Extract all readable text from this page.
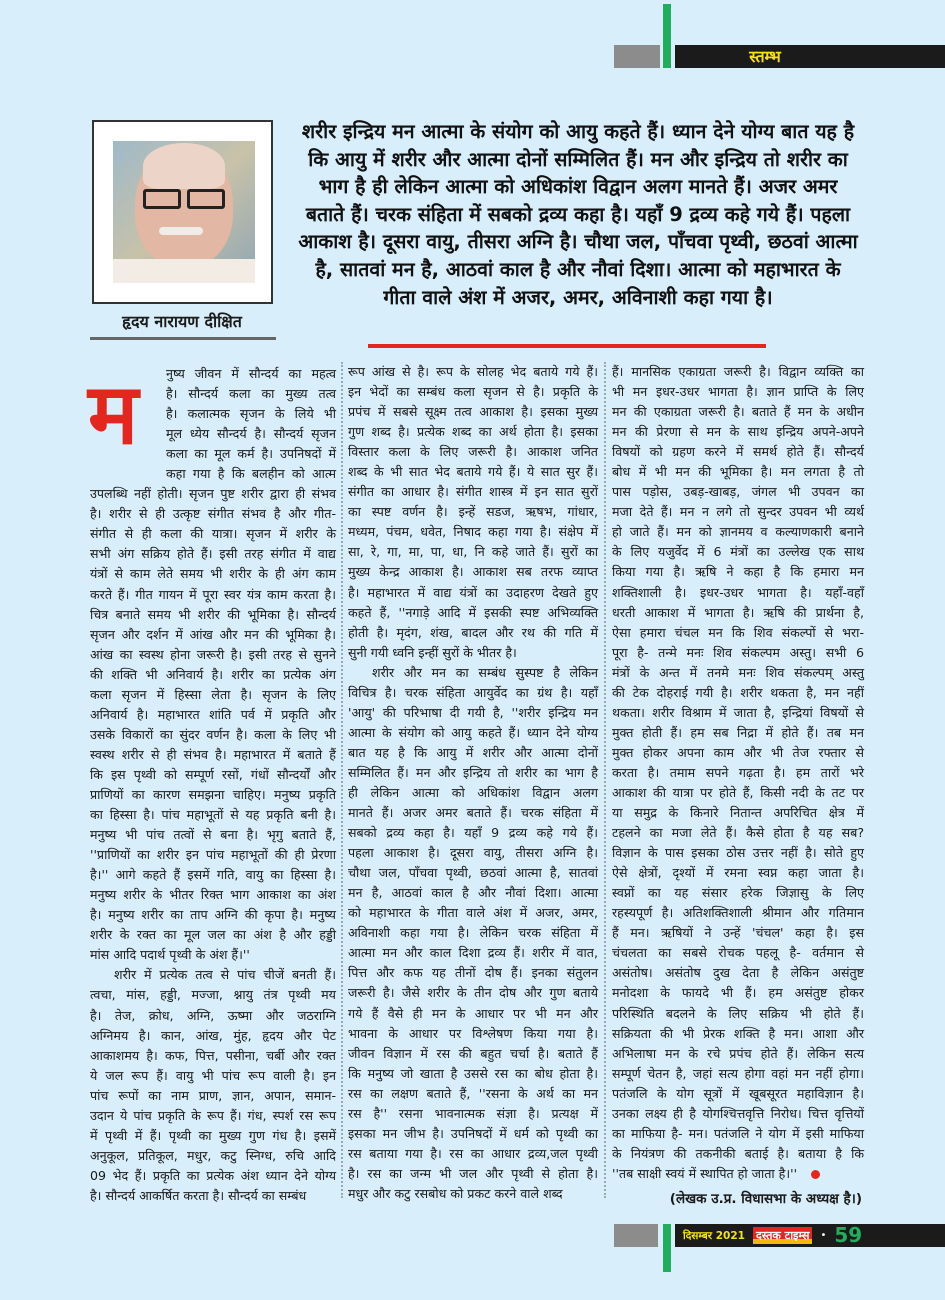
स्तम्भ
हृदय नारायण दीक्षित
शरीर इन्द्रिय मन आत्मा के संयोग को आयु कहते हैं। ध्यान देने योग्य बात यह है कि आयु में शरीर और आत्मा दोनों सम्मिलित हैं। मन और इन्द्रिय तो शरीर का भाग है ही लेकिन आत्मा को अधिकांश विद्वान अलग मानते हैं। अजर अमर बताते हैं। चरक संहिता में सबको द्रव्य कहा है। यहाँ 9 द्रव्य कहे गये हैं। पहला आकाश है। दूसरा वायु, तीसरा अग्नि है। चौथा जल, पाँचवा पृथ्वी, छठवां आत्मा है, सातवां मन है, आठवां काल है और नौवां दिशा। आत्मा को महाभारत के गीता वाले अंश में अजर, अमर, अविनाशी कहा गया है।
म	नुष्य जीवन में सौन्दर्य का महत्व
है। सौन्दर्य कला का मुख्य तत्व
है। कलात्मक सृजन के लिये भी
मूल ध्येय सौन्दर्य है। सौन्दर्य सृजन
कला का मूल कर्म है। उपनिषदों में
कहा गया है कि बलहीन को आत्म
उपलब्धि नहीं होती। सृजन पुष्ट शरीर द्वारा ही संभव
है। शरीर से ही उत्कृष्ट संगीत संभव है और गीत-
संगीत से ही कला की यात्रा। सृजन में शरीर के
सभी अंग सक्रिय होते हैं। इसी तरह संगीत में वाद्य
यंत्रों से काम लेते समय भी शरीर के ही अंग काम
करते हैं। गीत गायन में पूरा स्वर यंत्र काम करता है।
चित्र बनाते समय भी शरीर की भूमिका है। सौन्दर्य
सृजन और दर्शन में आंख और मन की भूमिका है।
आंख का स्वस्थ होना जरूरी है। इसी तरह से सुनने
की शक्ति भी अनिवार्य है। शरीर का प्रत्येक अंग
कला सृजन में हिस्सा लेता है। सृजन के लिए
अनिवार्य है। महाभारत शांति पर्व में प्रकृति और
उसके विकारों का सुंदर वर्णन है। कला के लिए भी
स्वस्थ शरीर से ही संभव है। महाभारत में बताते हैं
कि इस पृथ्वी को सम्पूर्ण रसों, गंधों सौन्दर्यों और
प्राणियों का कारण समझना चाहिए। मनुष्य प्रकृति
का हिस्सा है। पांच महाभूतों से यह प्रकृति बनी है।
मनुष्य भी पांच तत्वों से बना है। भृगु बताते हैं,
''प्राणियों का शरीर इन पांच महाभूतों की ही प्रेरणा
है।'' आगे कहते हैं इसमें गति, वायु का हिस्सा है।
मनुष्य शरीर के भीतर रिक्त भाग आकाश का अंश
है। मनुष्य शरीर का ताप अग्नि की कृपा है। मनुष्य
शरीर के रक्त का मूल जल का अंश है और हड्डी
मांस आदि पदार्थ पृथ्वी के अंश हैं।''
शरीर में प्रत्येक तत्व से पांच चीजें बनती हैं।
त्वचा, मांस, हड्डी, मज्जा, श्नायु तंत्र पृथ्वी मय
है। तेज, क्रोध, अग्नि, ऊष्मा और जठराग्नि
अग्निमय है। कान, आंख, मुंह, हृदय और पेट
आकाशमय है। कफ, पित्त, पसीना, चर्बी और रक्त
ये जल रूप हैं। वायु भी पांच रूप वाली है। इन
पांच रूपों का नाम प्राण, ज्ञान, अपान, समान-
उदान ये पांच प्रकृति के रूप हैं। गंध, स्पर्श रस रूप
में पृथ्वी में हैं। पृथ्वी का मुख्य गुण गंध है। इसमें
अनुकूल, प्रतिकूल, मधुर, कटु स्निग्ध, रुचि आदि
09 भेद हैं। प्रकृति का प्रत्येक अंश ध्यान देने योग्य
है। सौन्दर्य आकर्षित करता है। सौन्दर्य का सम्बंध
रूप आंख से है। रूप के सोलह भेद बताये गये हैं।
इन भेदों का सम्बंध कला सृजन से है। प्रकृति के
प्रपंच में सबसे सूक्ष्म तत्व आकाश है। इसका मुख्य
गुण शब्द है। प्रत्येक शब्द का अर्थ होता है। इसका
विस्तार कला के लिए जरूरी है। आकाश जनित
शब्द के भी सात भेद बताये गये हैं। ये सात सुर हैं।
संगीत का आधार है। संगीत शास्त्र में इन सात सुरों
का स्पष्ट वर्णन है। इन्हें सडज, ऋषभ, गांधार,
मध्यम, पंचम, धवेत, निषाद कहा गया है। संक्षेप में
सा, रे, गा, मा, पा, धा, नि कहे जाते हैं। सुरों का
मुख्य केन्द्र आकाश है। आकाश सब तरफ व्याप्त
है। महाभारत में वाद्य यंत्रों का उदाहरण देखते हुए
कहते हैं, ''नगाड़े आदि में इसकी स्पष्ट अभिव्यक्ति
होती है। मृदंग, शंख, बादल और रथ की गति में
सुनी गयी ध्वनि इन्हीं सुरों के भीतर है।
शरीर और मन का सम्बंध सुस्पष्ट है लेकिन
विचित्र है। चरक संहिता आयुर्वेद का ग्रंथ है। यहाँ
'आयु' की परिभाषा दी गयी है, ''शरीर इन्द्रिय मन
आत्मा के संयोग को आयु कहते हैं। ध्यान देने योग्य
बात यह है कि आयु में शरीर और आत्मा दोनों
सम्मिलित हैं। मन और इन्द्रिय तो शरीर का भाग है
ही लेकिन आत्मा को अधिकांश विद्वान अलग
मानते हैं। अजर अमर बताते हैं। चरक संहिता में
सबको द्रव्य कहा है। यहाँ 9 द्रव्य कहे गये हैं।
पहला आकाश है। दूसरा वायु, तीसरा अग्नि है।
चौथा जल, पाँचवा पृथ्वी, छठवां आत्मा है, सातवां
मन है, आठवां काल है और नौवां दिशा। आत्मा
को महाभारत के गीता वाले अंश में अजर, अमर,
अविनाशी कहा गया है। लेकिन चरक संहिता में
आत्मा मन और काल दिशा द्रव्य हैं। शरीर में वात,
पित्त और कफ यह तीनों दोष हैं। इनका संतुलन
जरूरी है। जैसे शरीर के तीन दोष और गुण बताये
गये हैं वैसे ही मन के आधार पर भी मन और
भावना के आधार पर विश्लेषण किया गया है।
जीवन विज्ञान में रस की बहुत चर्चा है। बताते हैं
कि मनुष्य जो खाता है उससे रस का बोध होता है।
रस का लक्षण बताते हैं, ''रसना के अर्थ का मन
रस है'' रसना भावनात्मक संज्ञा है। प्रत्यक्ष में
इसका मन जीभ है। उपनिषदों में धर्म को पृथ्वी का
रस बताया गया है। रस का आधार द्रव्य,जल पृथ्वी
है। रस का जन्म भी जल और पृथ्वी से होता है।
मधुर और कटु रसबोध को प्रकट करने वाले शब्द
हैं। मानसिक एकाग्रता जरूरी है। विद्वान व्यक्ति का
भी मन इधर-उधर भागता है। ज्ञान प्राप्ति के लिए
मन की एकाग्रता जरूरी है। बताते हैं मन के अधीन
मन की प्रेरणा से मन के साथ इन्द्रिय अपने-अपने
विषयों को ग्रहण करने में समर्थ होते हैं। सौन्दर्य
बोध में भी मन की भूमिका है। मन लगता है तो
पास पड़ोस, उबड़-खाबड़, जंगल भी उपवन का
मजा देते हैं। मन न लगे तो सुन्दर उपवन भी व्यर्थ
हो जाते हैं। मन को ज्ञानमय व कल्याणकारी बनाने
के लिए यजुर्वेद में 6 मंत्रों का उल्लेख एक साथ
किया गया है। ऋषि ने कहा है कि हमारा मन
शक्तिशाली है। इधर-उधर भागता है। यहाँ-वहाँ
धरती आकाश में भागता है। ऋषि की प्रार्थना है,
ऐसा हमारा चंचल मन कि शिव संकल्पों से भरा-
पूरा है- तन्मे मनः शिव संकल्पम अस्तु। सभी 6
मंत्रों के अन्त में तनमे मनः शिव संकल्पम् अस्तु
की टेक दोहराई गयी है। शरीर थकता है, मन नहीं
थकता। शरीर विश्राम में जाता है, इन्द्रियां विषयों से
मुक्त होती हैं। हम सब निद्रा में होते हैं। तब मन
मुक्त होकर अपना काम और भी तेज रफ्तार से
करता है। तमाम सपने गढ़ता है। हम तारों भरे
आकाश की यात्रा पर होते हैं, किसी नदी के तट पर
या समुद्र के किनारे नितान्त अपरिचित क्षेत्र में
टहलने का मजा लेते हैं। कैसे होता है यह सब?
विज्ञान के पास इसका ठोस उत्तर नहीं है। सोते हुए
ऐसे क्षेत्रों, दृश्यों में रमना स्वप्न कहा जाता है।
स्वप्नों का यह संसार हरेक जिज्ञासु के लिए
रहस्यपूर्ण है। अतिशक्तिशाली श्रीमान और गतिमान
हैं मन। ऋषियों ने उन्हें 'चंचल' कहा है। इस
चंचलता का सबसे रोचक पहलू है- वर्तमान से
असंतोष। असंतोष दुख देता है लेकिन असंतुष्ट
मनोदशा के फायदे भी हैं। हम असंतुष्ट होकर
परिस्थिति बदलने के लिए सक्रिय भी होते हैं।
सक्रियता की भी प्रेरक शक्ति है मन। आशा और
अभिलाषा मन के रचे प्रपंच होते हैं। लेकिन सत्य
सम्पूर्ण चेतन है, जहां सत्य होगा वहां मन नहीं होगा।
पतंजलि के योग सूत्रों में खूबसूरत महाविज्ञान है।
उनका लक्ष्य ही है योगश्चित्तवृत्ति निरोध। चित्त वृत्तियों
का माफिया है- मन। पतंजलि ने योग में इसी माफिया
के नियंत्रण की तकनीकी बताई है। बताया है कि
''तब साक्षी स्वयं में स्थापित हो जाता है।''
(लेखक उ.प्र. विधासभा के अध्यक्ष है।)
दिसम्बर 2021 दस्तक टाइम्स	• 59
